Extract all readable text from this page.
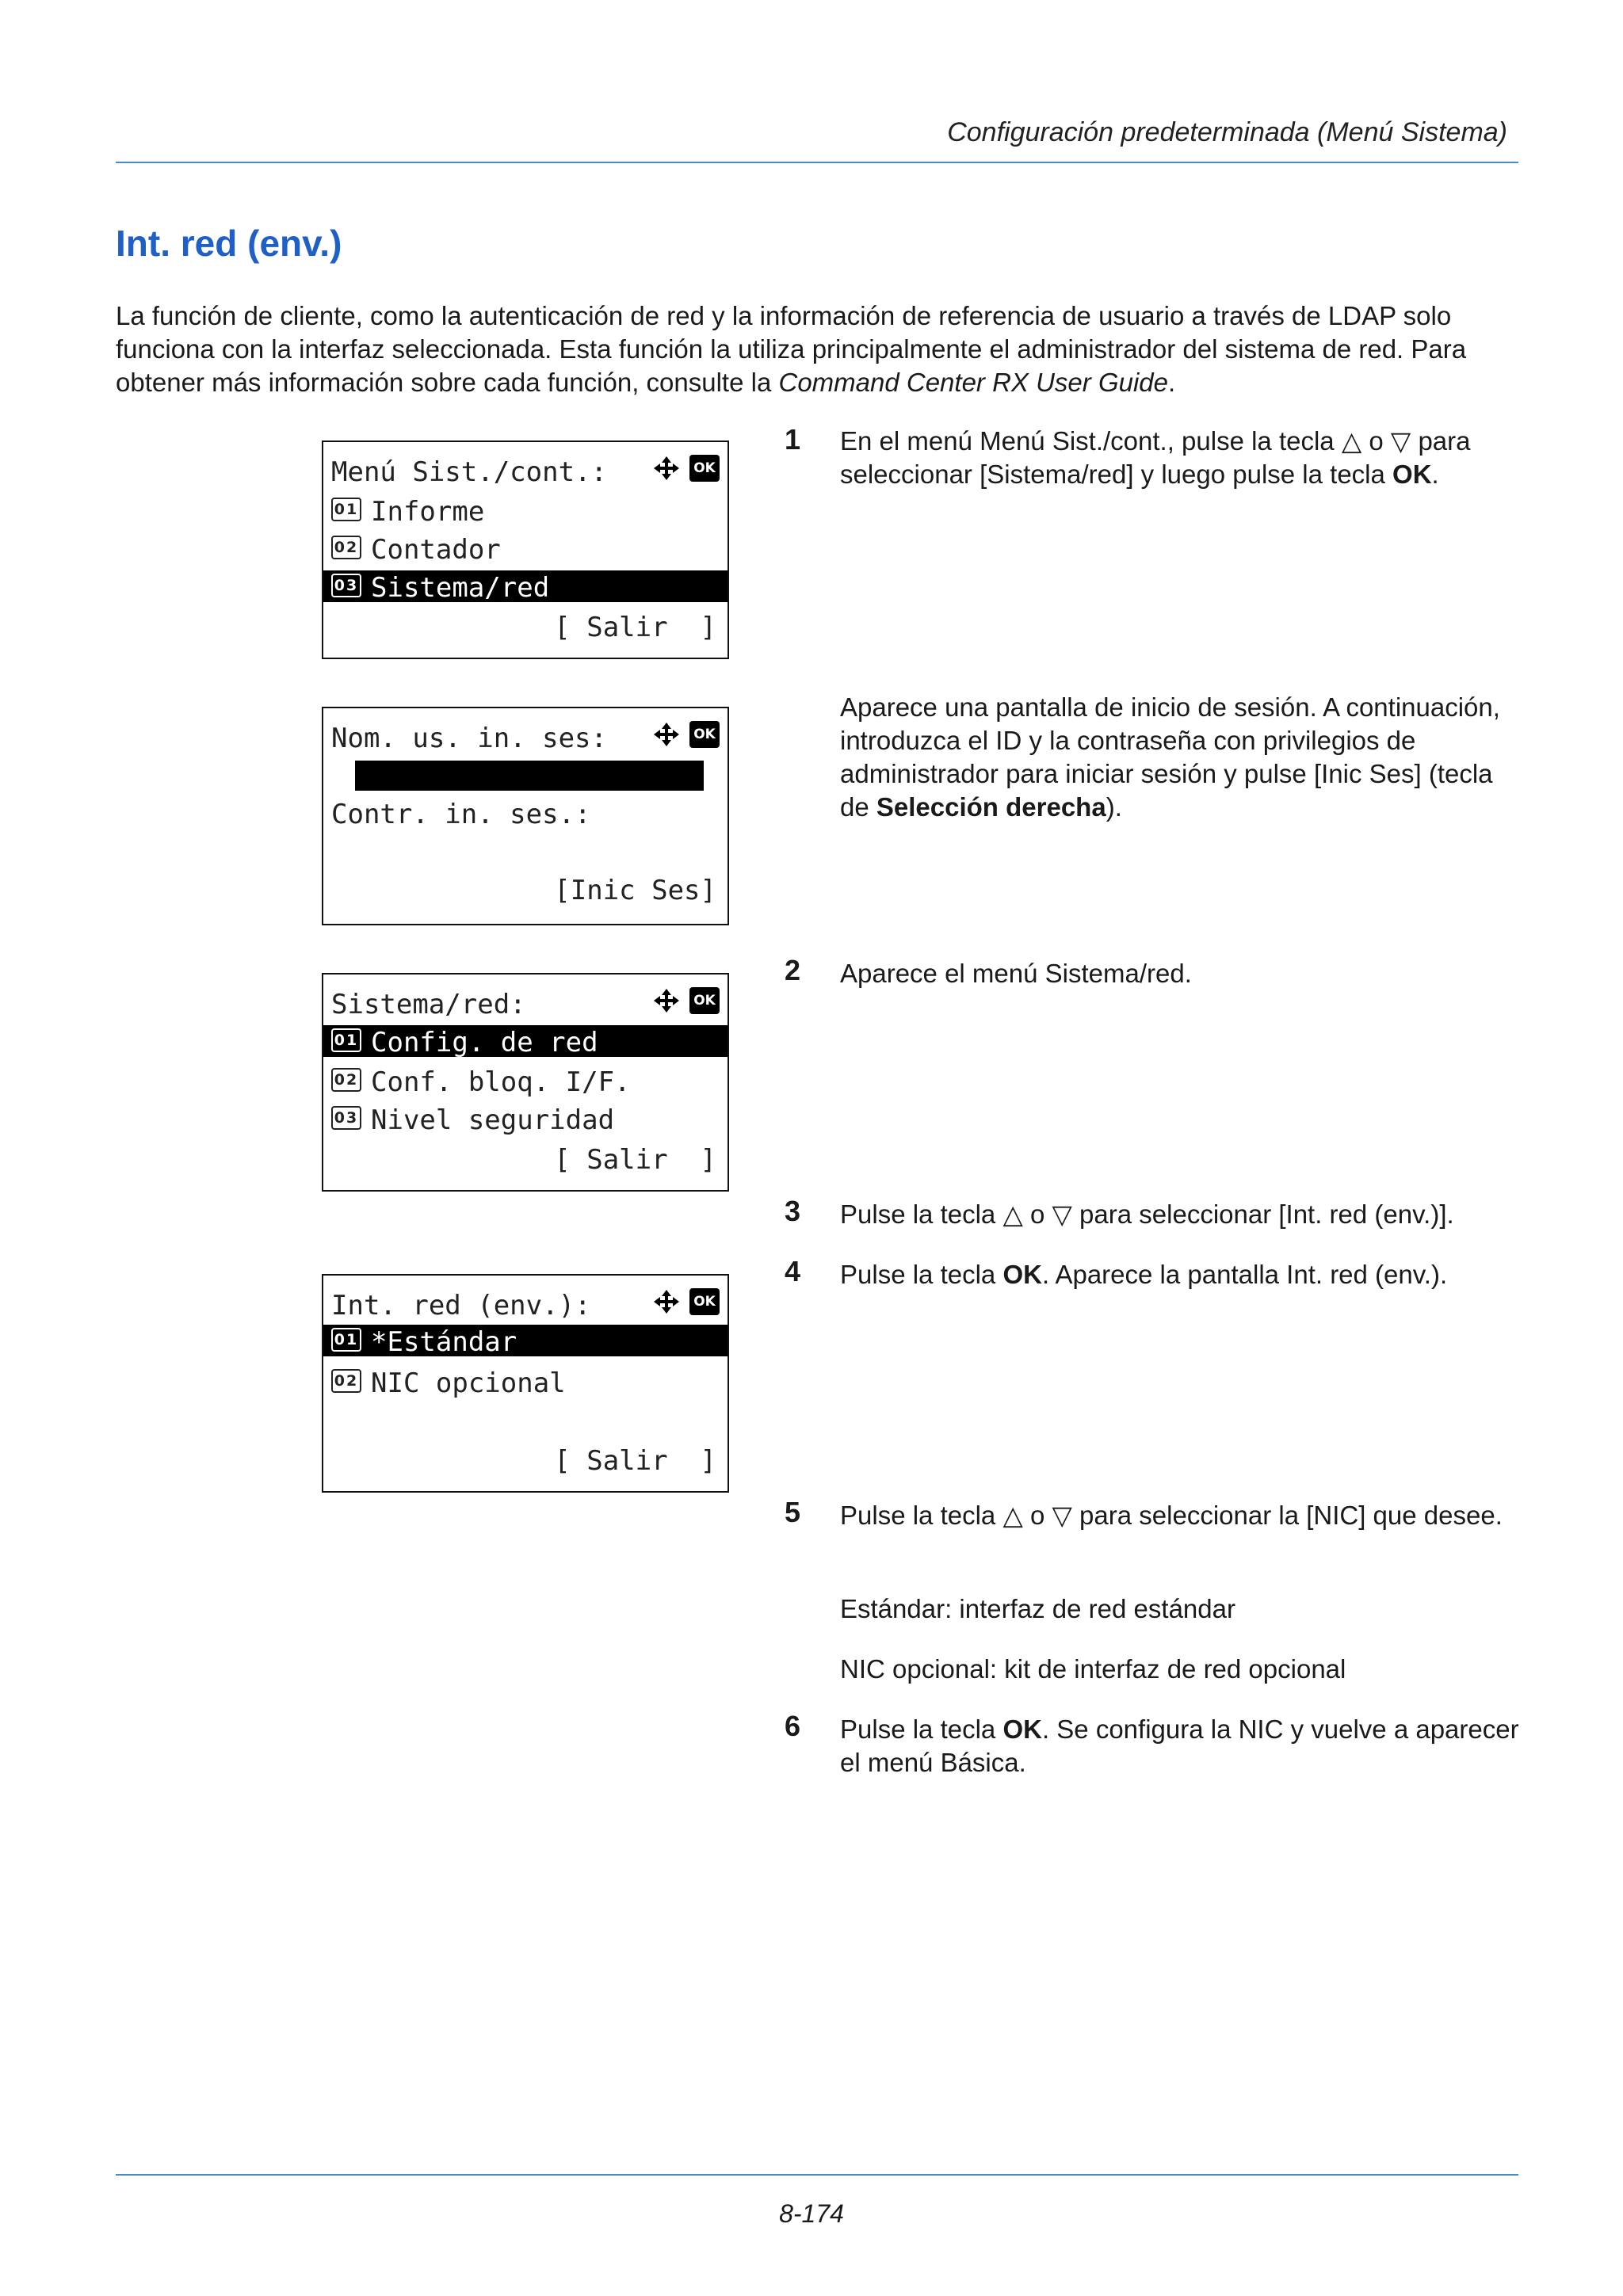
Configuración predeterminada (Menú Sistema)
Int. red (env.)
La función de cliente, como la autenticación de red y la información de referencia de usuario a través de LDAP solo funciona con la interfaz seleccionada. Esta función la utiliza principalmente el administrador del sistema de red. Para obtener más información sobre cada función, consulte la Command Center RX User Guide.
Menú Sist./cont.:	OK
01 Informe
02 Contador
03 Sistema/red
[ Salir  ]
Nom. us. in. ses:	OK
Contr. in. ses.:
[Inic Ses]
Sistema/red:	OK
01 Config. de red
02 Conf. bloq. I/F.
03 Nivel seguridad
[ Salir  ]
Int. red (env.):	OK
01 *Estándar
02 NIC opcional
[ Salir  ]
1 En el menú Menú Sist./cont., pulse la tecla △ o ▽ para seleccionar [Sistema/red] y luego pulse la tecla OK.
Aparece una pantalla de inicio de sesión. A continuación, introduzca el ID y la contraseña con privilegios de administrador para iniciar sesión y pulse [Inic Ses] (tecla de Selección derecha).
2 Aparece el menú Sistema/red.
3 Pulse la tecla △ o ▽ para seleccionar [Int. red (env.)].
4 Pulse la tecla OK. Aparece la pantalla Int. red (env.).
5 Pulse la tecla △ o ▽ para seleccionar la [NIC] que desee.
Estándar: interfaz de red estándar
NIC opcional: kit de interfaz de red opcional
6 Pulse la tecla OK. Se configura la NIC y vuelve a aparecer el menú Básica.
8-174
